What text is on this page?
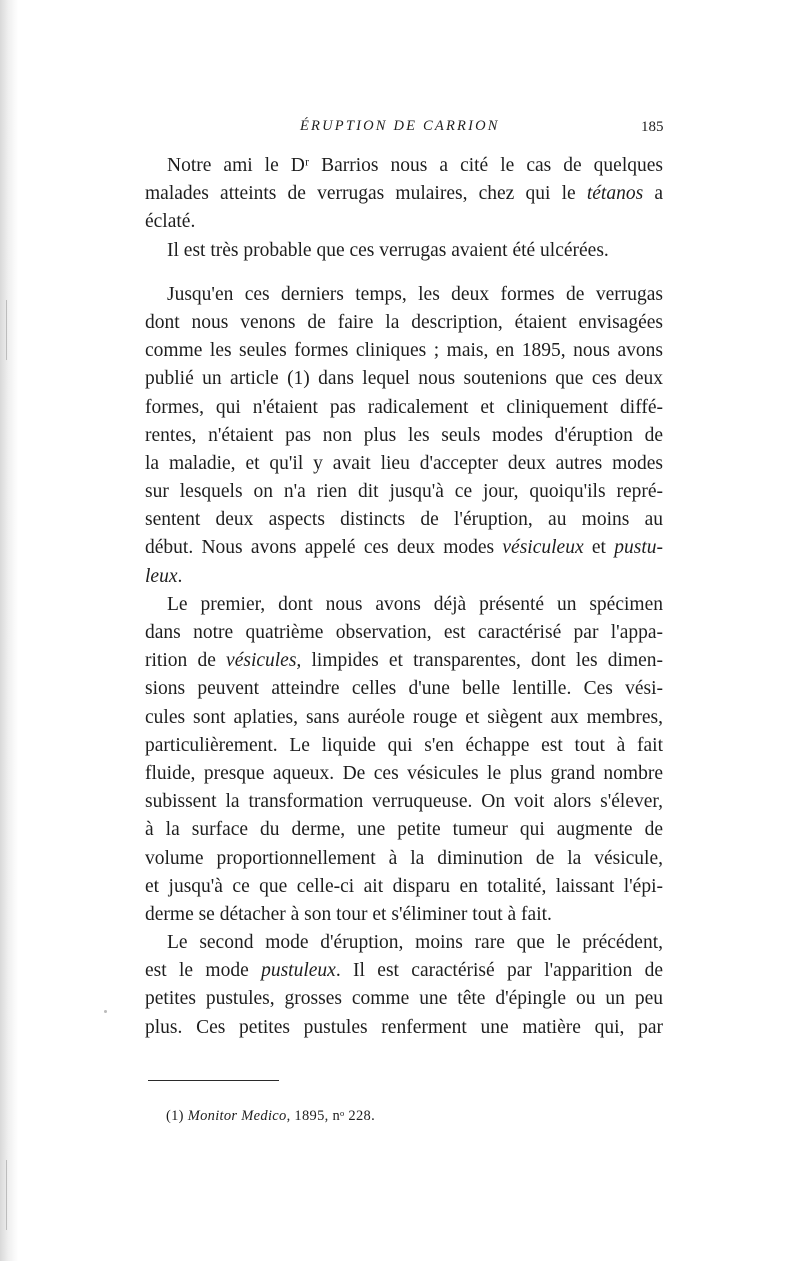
ÉRUPTION DE CARRION	185
Notre ami le Dʳ Barrios nous a cité le cas de quelques
malades atteints de verrugas mulaires, chez qui le tétanos a
éclaté.
Il est très probable que ces verrugas avaient été ulcérées.
Jusqu'en ces derniers temps, les deux formes de verrugas
dont nous venons de faire la description, étaient envisagées
comme les seules formes cliniques ; mais, en 1895, nous avons
publié un article (1) dans lequel nous soutenions que ces deux
formes, qui n'étaient pas radicalement et cliniquement diffé-
rentes, n'étaient pas non plus les seuls modes d'éruption de
la maladie, et qu'il y avait lieu d'accepter deux autres modes
sur lesquels on n'a rien dit jusqu'à ce jour, quoiqu'ils repré-
sentent deux aspects distincts de l'éruption, au moins au
début. Nous avons appelé ces deux modes vésiculeux et pustu-
leux.
Le premier, dont nous avons déjà présenté un spécimen
dans notre quatrième observation, est caractérisé par l'appa-
rition de vésicules, limpides et transparentes, dont les dimen-
sions peuvent atteindre celles d'une belle lentille. Ces vési-
cules sont aplaties, sans auréole rouge et siègent aux membres,
particulièrement. Le liquide qui s'en échappe est tout à fait
fluide, presque aqueux. De ces vésicules le plus grand nombre
subissent la transformation verruqueuse. On voit alors s'élever,
à la surface du derme, une petite tumeur qui augmente de
volume proportionnellement à la diminution de la vésicule,
et jusqu'à ce que celle-ci ait disparu en totalité, laissant l'épi-
derme se détacher à son tour et s'éliminer tout à fait.
Le second mode d'éruption, moins rare que le précédent,
est le mode pustuleux. Il est caractérisé par l'apparition de
petites pustules, grosses comme une tête d'épingle ou un peu
plus. Ces petites pustules renferment une matière qui, par
(1) Monitor Medico, 1895, nᵒ 228.
